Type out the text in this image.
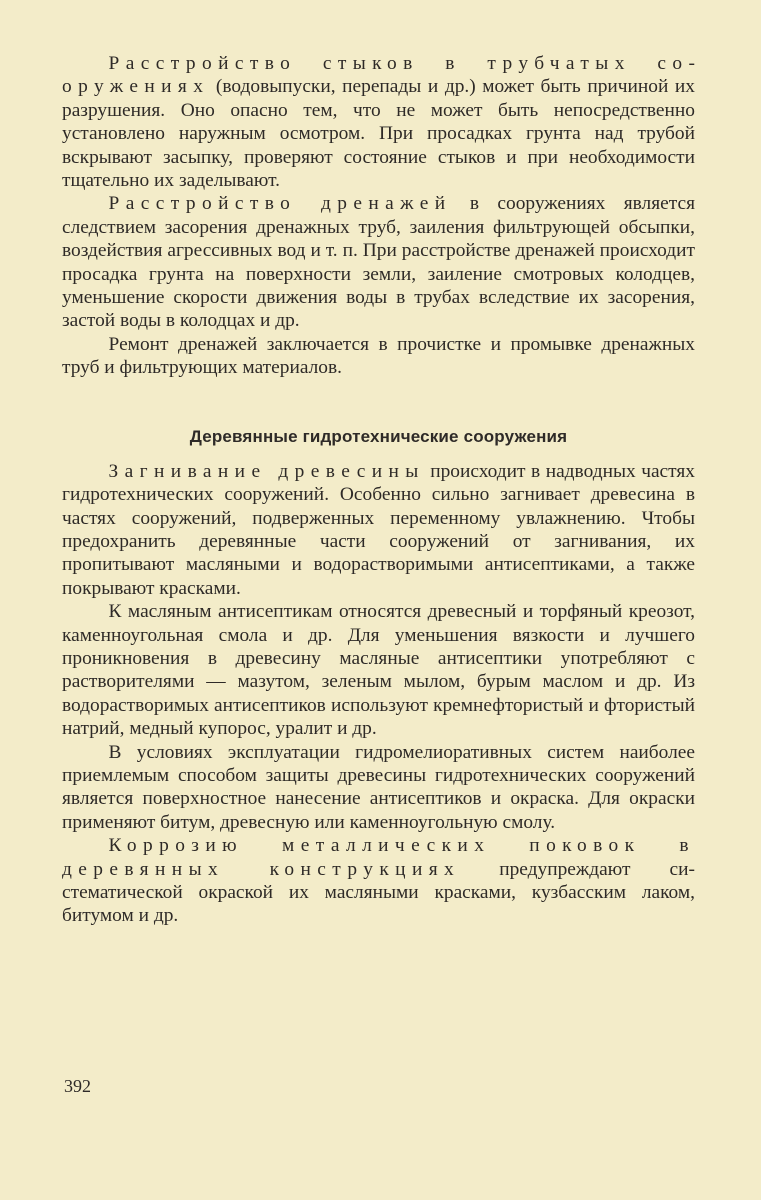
Расстройство стыков в трубчатых сооружениях (водовыпуски, перепады и др.) может быть причиной их разрушения. Оно опасно тем, что не может быть непосредственно установлено наружным осмотром. При просадках грунта над трубой вскрывают засыпку, проверяют состояние стыков и при необходимости тщательно их заделывают.

Расстройство дренажей в сооружениях является следствием засорения дренажных труб, заиления фильтрующей обсыпки, воздействия агрессивных вод и т. п. При расстройстве дренажей происходит просадка грунта на поверхности земли, заиление смотровых колодцев, уменьшение скорости движения воды в трубах вследствие их засорения, застой воды в колодцах и др.

Ремонт дренажей заключается в прочистке и промывке дренажных труб и фильтрующих материалов.

Деревянные гидротехнические сооружения

Загнивание древесины происходит в надводных частях гидротехнических сооружений. Особенно сильно загнивает древесина в частях сооружений, подверженных переменному увлажнению. Чтобы предохранить деревянные части сооружений от загнивания, их пропитывают масляными и водорастворимыми антисептиками, а также покрывают красками.

К масляным антисептикам относятся древесный и торфяный креозот, каменноугольная смола и др. Для уменьшения вязкости и лучшего проникновения в древесину масляные антисептики употребляют с растворителями — мазутом, зеленым мылом, бурым маслом и др. Из водорастворимых антисептиков используют кремнефтористый и фтористый натрий, медный купорос, уралит и др.

В условиях эксплуатации гидромелиоративных систем наиболее приемлемым способом защиты древесины гидротехнических сооружений является поверхностное нанесение антисептиков и окраска. Для окраски применяют битум, древесную или каменноугольную смолу.

Коррозию металлических поковок в деревянных конструкциях предупреждают систематической окраской их масляными красками, кузбасским лаком, битумом и др.

392
